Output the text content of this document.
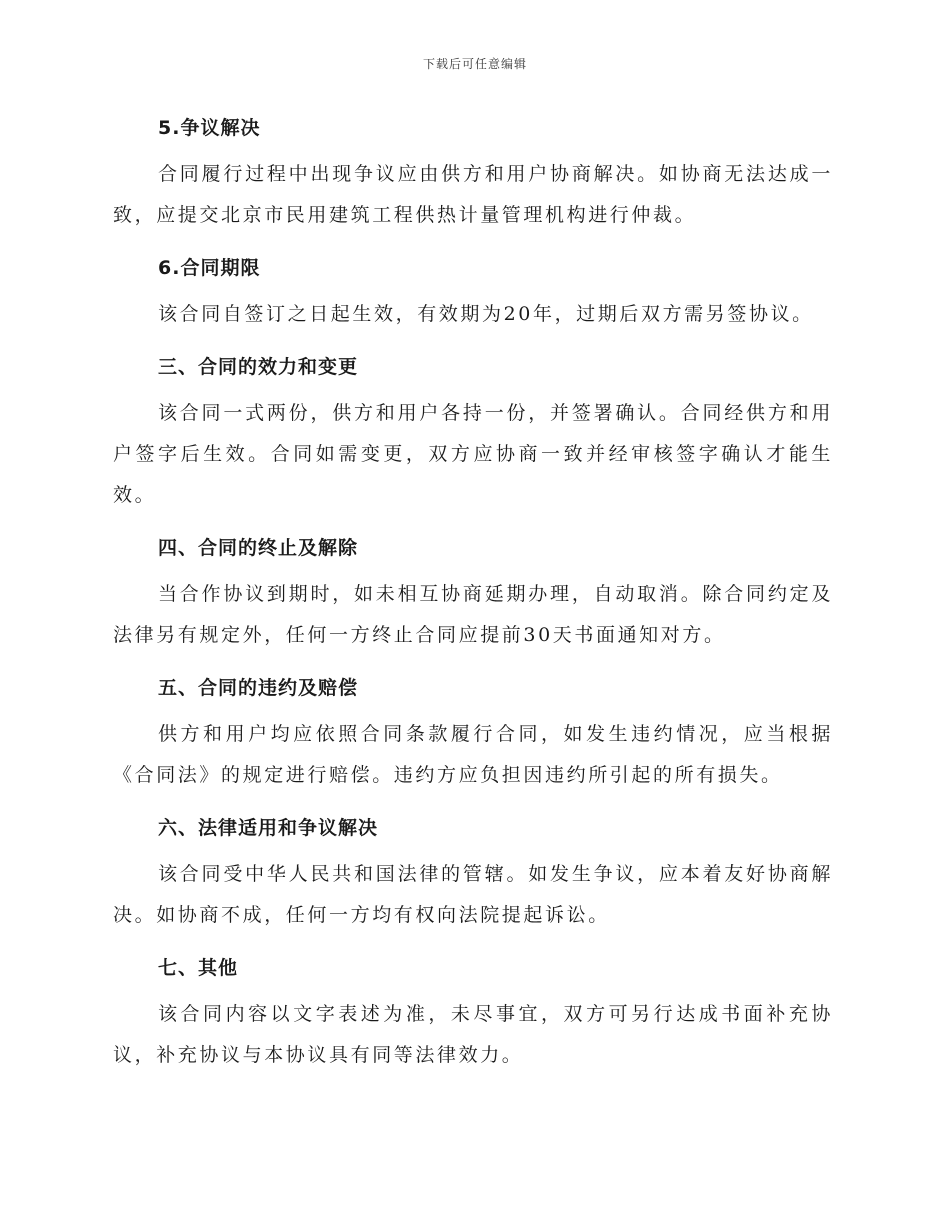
下载后可任意编辑
5.争议解决

合同履行过程中出现争议应由供方和用户协商解决。如协商无法达成一致，应提交北京市民用建筑工程供热计量管理机构进行仲裁。

6.合同期限

该合同自签订之日起生效，有效期为20年，过期后双方需另签协议。

三、合同的效力和变更

该合同一式两份，供方和用户各持一份，并签署确认。合同经供方和用户签字后生效。合同如需变更，双方应协商一致并经审核签字确认才能生效。

四、合同的终止及解除

当合作协议到期时，如未相互协商延期办理，自动取消。除合同约定及法律另有规定外，任何一方终止合同应提前30天书面通知对方。

五、合同的违约及赔偿

供方和用户均应依照合同条款履行合同，如发生违约情况，应当根据《合同法》的规定进行赔偿。违约方应负担因违约所引起的所有损失。

六、法律适用和争议解决

该合同受中华人民共和国法律的管辖。如发生争议，应本着友好协商解决。如协商不成，任何一方均有权向法院提起诉讼。

七、其他

该合同内容以文字表述为准，未尽事宜，双方可另行达成书面补充协议，补充协议与本协议具有同等法律效力。
